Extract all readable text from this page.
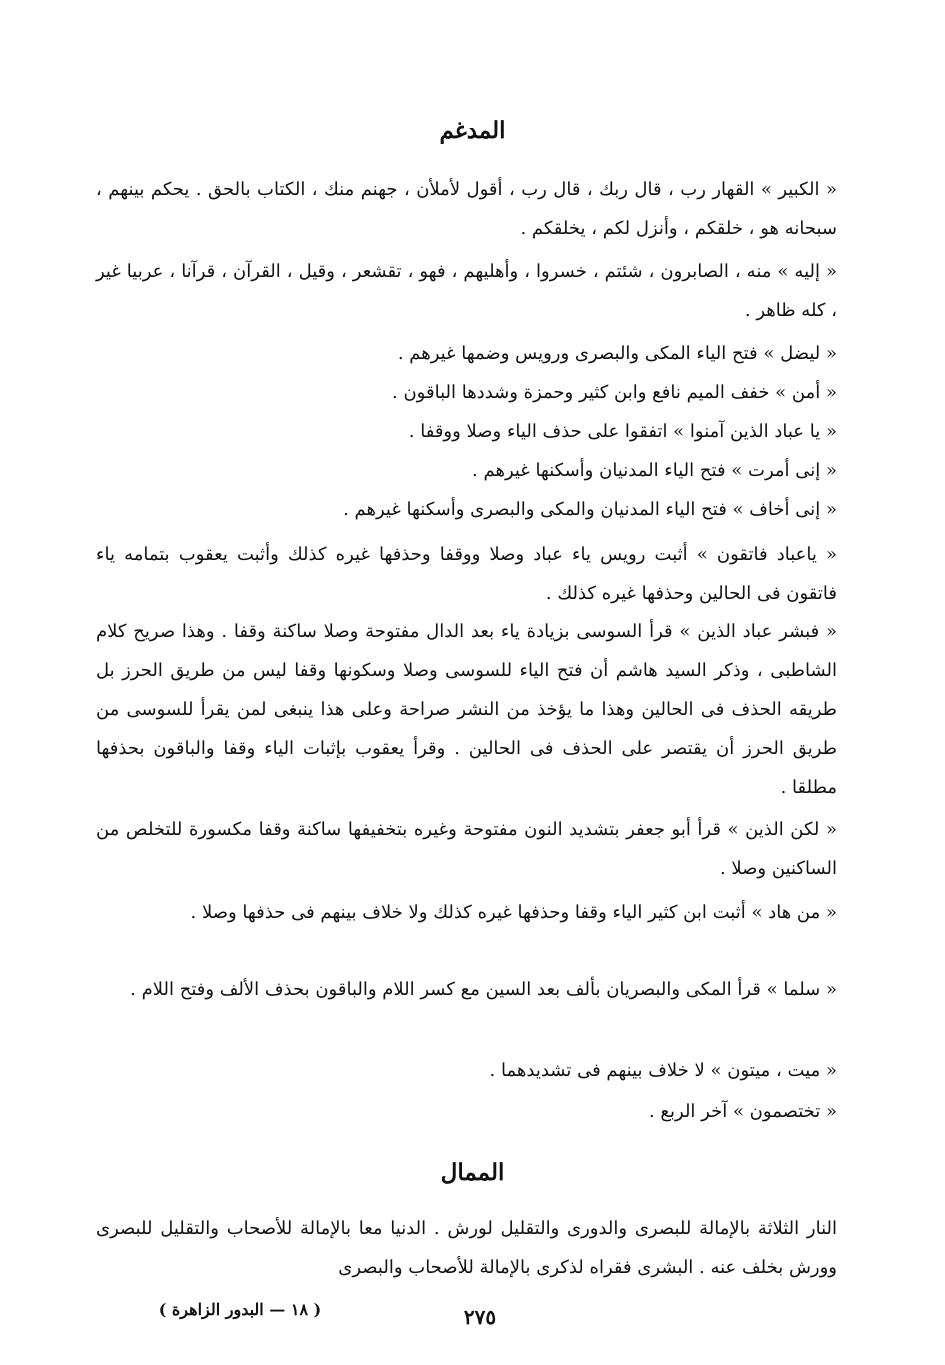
المدغم
« الكبير » القهار رب ، قال ربك ، قال رب ، أقول لأملأن ، جهنم منك ، الكتاب بالحق . يحكم بينهم ، سبحانه هو ، خلقكم ، وأنزل لكم ، يخلقكم .
« إليه » منه ، الصابرون ، شئتم ، خسروا ، وأهليهم ، فهو ، تقشعر ، وقيل ، القرآن ، قرآنا ، عربيا غير ، كله ظاهر .
« ليضل » فتح الياء المكى والبصرى ورويس وضمها غيرهم .
« أمن » خفف الميم نافع وابن كثير وحمزة وشددها الباقون .
« يا عباد الذين آمنوا » اتفقوا على حذف الياء وصلا ووقفا .
« إنى أمرت » فتح الياء المدنيان وأسكنها غيرهم .
« إنى أخاف » فتح الياء المدنيان والمكى والبصرى وأسكنها غيرهم .
« ياعباد فاتقون » أثبت رويس ياء عباد وصلا ووقفا وحذفها غيره كذلك وأثبت يعقوب بتمامه ياء فاتقون فى الحالين وحذفها غيره كذلك .
« فبشر عباد الذين » قرأ السوسى بزيادة ياء بعد الدال مفتوحة وصلا ساكنة وقفا . وهذا صريح كلام الشاطبى ، وذكر السيد هاشم أن فتح الياء للسوسى وصلا وسكونها وقفا ليس من طريق الحرز بل طريقه الحذف فى الحالين وهذا ما يؤخذ من النشر صراحة وعلى هذا ينبغى لمن يقرأ للسوسى من طريق الحرز أن يقتصر على الحذف فى الحالين . وقرأ يعقوب بإثبات الياء وقفا والباقون بحذفها مطلقا .
« لكن الذين » قرأ أبو جعفر بتشديد النون مفتوحة وغيره بتخفيفها ساكنة وقفا مكسورة للتخلص من الساكنين وصلا .
« من هاد » أثبت ابن كثير الياء وقفا وحذفها غيره كذلك ولا خلاف بينهم فى حذفها وصلا .
« سلما » قرأ المكى والبصريان بألف بعد السين مع كسر اللام والباقون بحذف الألف وفتح اللام .
« ميت ، ميتون » لا خلاف بينهم فى تشديدهما .
« تختصمون » آخر الربع .
الممال
النار الثلاثة بالإمالة للبصرى والدورى والتقليل لورش . الدنيا معا بالإمالة للأصحاب والتقليل للبصرى وورش بخلف عنه . البشرى فقراه لذكرى بالإمالة للأصحاب والبصرى
٢٧٥
( ١٨ — البدور الزاهرة )
